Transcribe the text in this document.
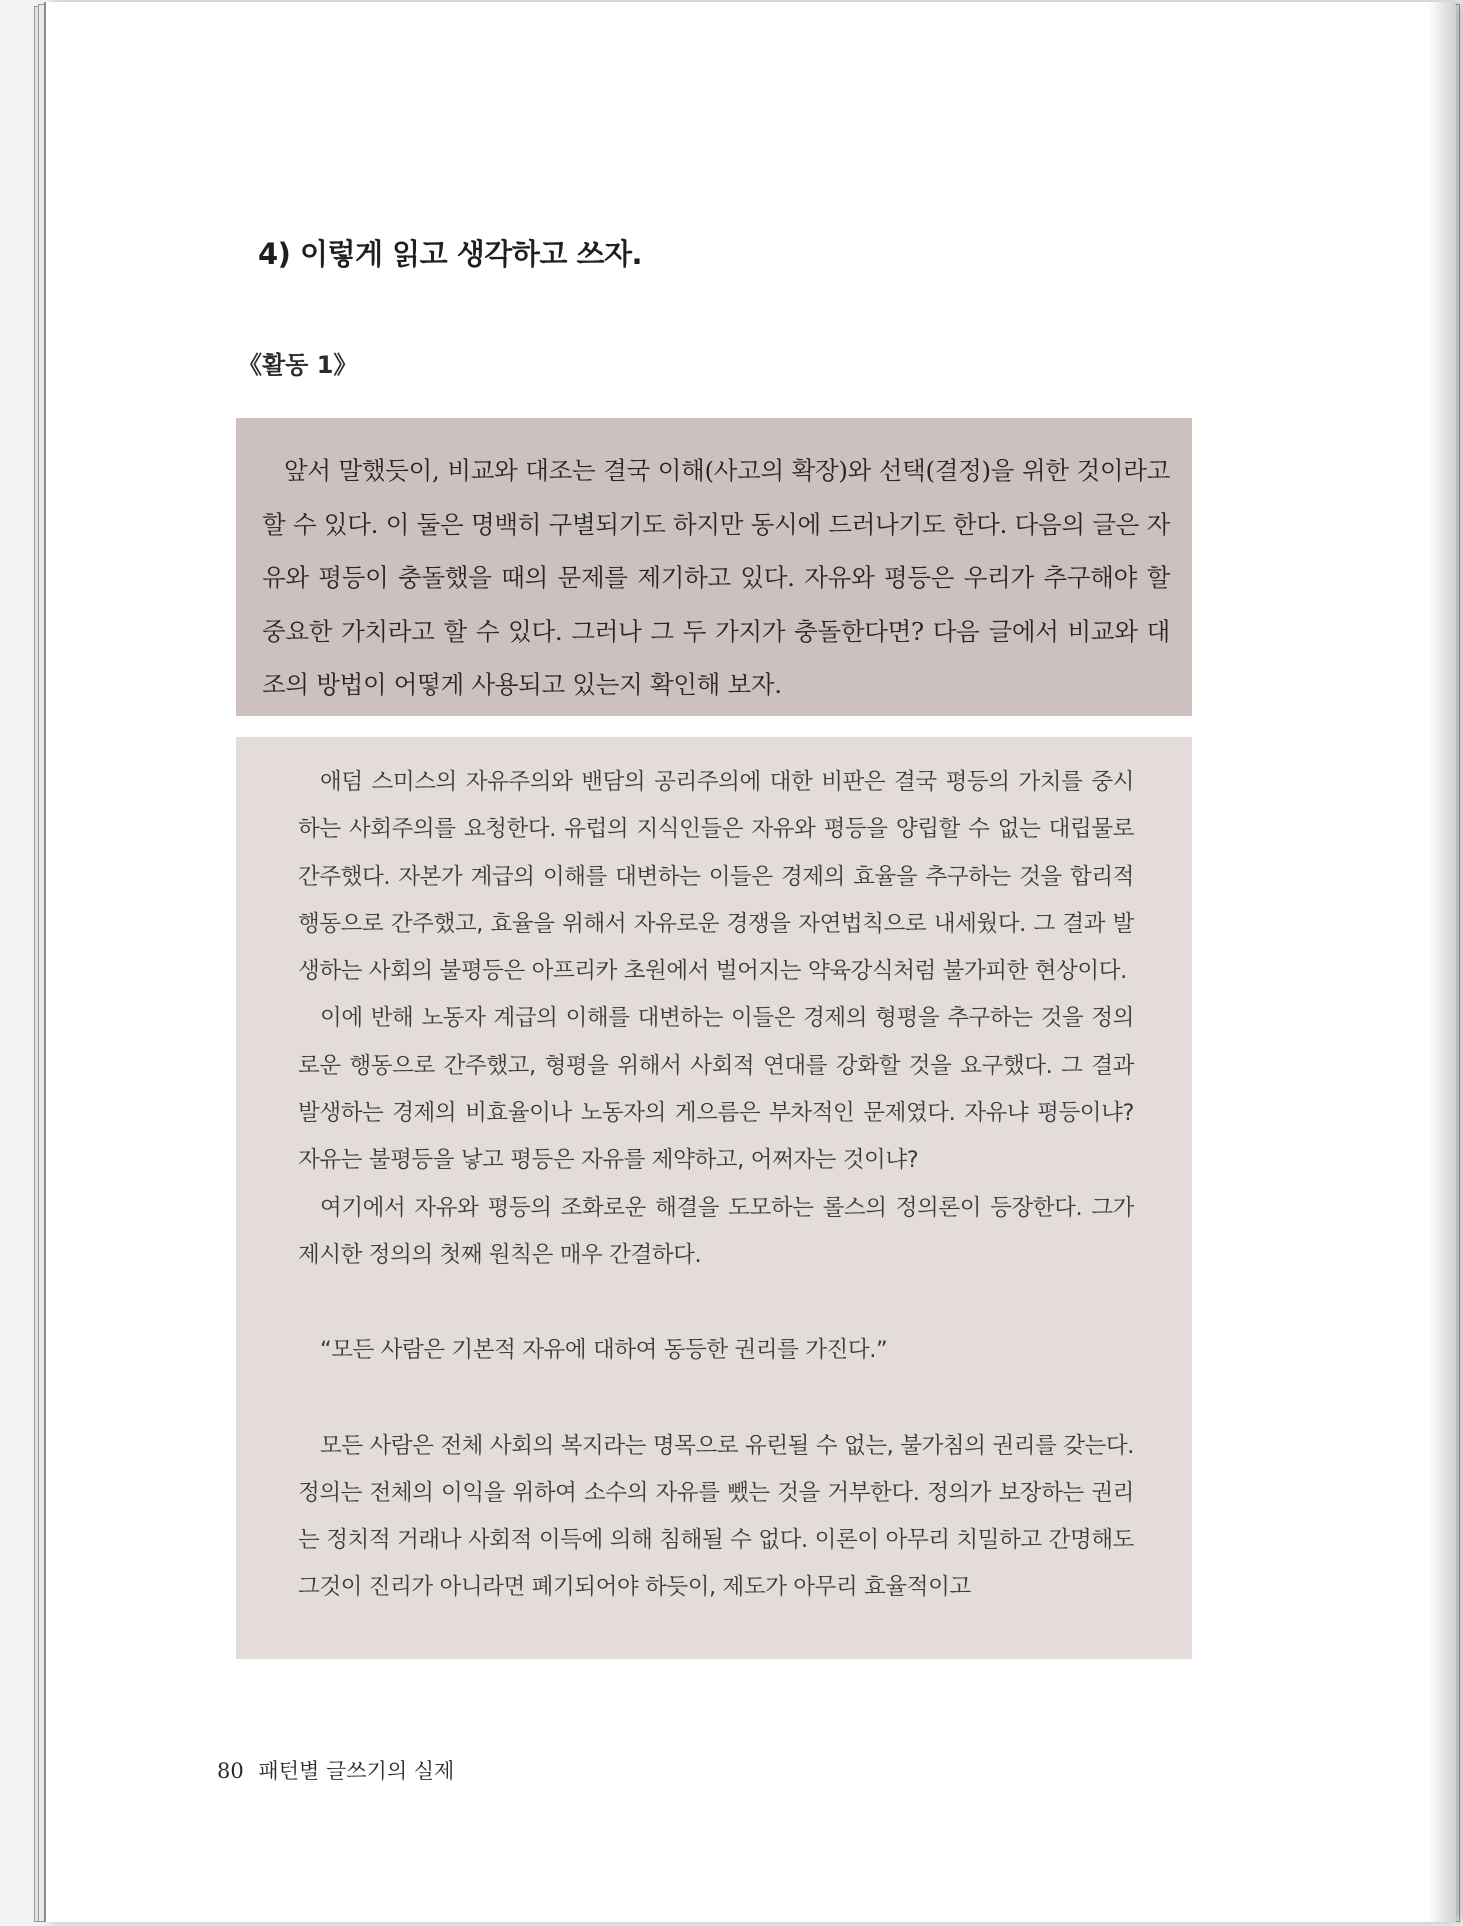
4) 이렇게 읽고 생각하고 쓰자.
《활동 1》

앞서 말했듯이, 비교와 대조는 결국 이해(사고의 확장)와 선택(결정)을 위한 것이라고 할 수 있다. 이 둘은 명백히 구별되기도 하지만 동시에 드러나기도 한다. 다음의 글은 자유와 평등이 충돌했을 때의 문제를 제기하고 있다. 자유와 평등은 우리가 추구해야 할 중요한 가치라고 할 수 있다. 그러나 그 두 가지가 충돌한다면? 다음 글에서 비교와 대조의 방법이 어떻게 사용되고 있는지 확인해 보자.

애덤 스미스의 자유주의와 밴담의 공리주의에 대한 비판은 결국 평등의 가치를 중시하는 사회주의를 요청한다. 유럽의 지식인들은 자유와 평등을 양립할 수 없는 대립물로 간주했다. 자본가 계급의 이해를 대변하는 이들은 경제의 효율을 추구하는 것을 합리적 행동으로 간주했고, 효율을 위해서 자유로운 경쟁을 자연법칙으로 내세웠다. 그 결과 발생하는 사회의 불평등은 아프리카 초원에서 벌어지는 약육강식처럼 불가피한 현상이다.

이에 반해 노동자 계급의 이해를 대변하는 이들은 경제의 형평을 추구하는 것을 정의로운 행동으로 간주했고, 형평을 위해서 사회적 연대를 강화할 것을 요구했다. 그 결과 발생하는 경제의 비효율이나 노동자의 게으름은 부차적인 문제였다. 자유냐 평등이냐? 자유는 불평등을 낳고 평등은 자유를 제약하고, 어쩌자는 것이냐?

여기에서 자유와 평등의 조화로운 해결을 도모하는 롤스의 정의론이 등장한다. 그가 제시한 정의의 첫째 원칙은 매우 간결하다.

“모든 사람은 기본적 자유에 대하여 동등한 권리를 가진다.”

모든 사람은 전체 사회의 복지라는 명목으로 유린될 수 없는, 불가침의 권리를 갖는다. 정의는 전체의 이익을 위하여 소수의 자유를 뺐는 것을 거부한다. 정의가 보장하는 권리는 정치적 거래나 사회적 이득에 의해 침해될 수 없다. 이론이 아무리 치밀하고 간명해도 그것이 진리가 아니라면 폐기되어야 하듯이, 제도가 아무리 효율적이고

80 패턴별 글쓰기의 실제
